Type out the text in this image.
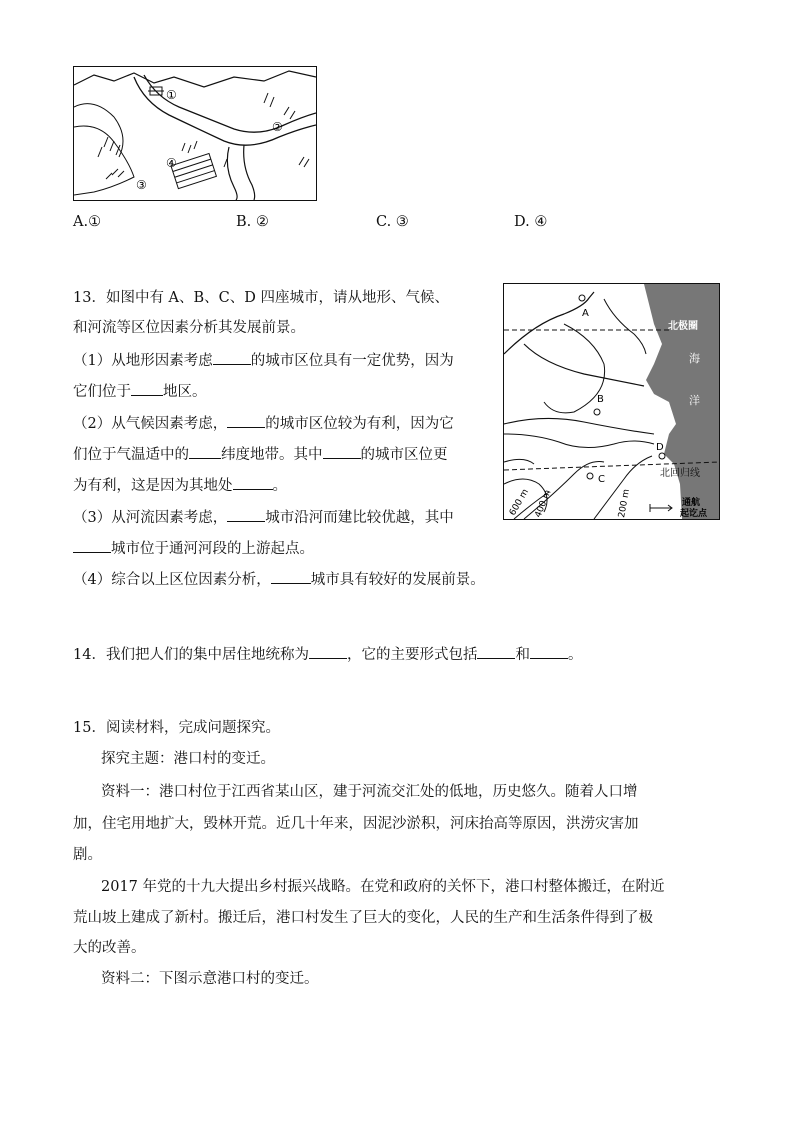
①
②
③
④
A.①	B. ②	C. ③	D. ④
13．如图中有 A、B、C、D 四座城市，请从地形、气候、
和河流等区位因素分析其发展前景。
（1）从地形因素考虑	的城市区位具有一定优势，因为
它们位于 地区。
（2）从气候因素考虑，	的城市区位较为有利，因为它
们位于气温适中的 纬度地带。其中	的城市区位更
为有利，这是因为其地处	。
（3）从河流因素考虑，	城市沿河而建比较优越，其中
城市位于通河河段的上游起点。
（4）综合以上区位因素分析，	城市具有较好的发展前景。
A
B
C
D
北极圈
海
洋
北回归线
600 m 400 m	200 m	通航
起讫点
14．我们把人们的集中居住地统称为	，它的主要形式包括	和	。
15．阅读材料，完成问题探究。
探究主题：港口村的变迁。
资料一：港口村位于江西省某山区，建于河流交汇处的低地，历史悠久。随着人口增
加，住宅用地扩大，毁林开荒。近几十年来，因泥沙淤积，河床抬高等原因，洪涝灾害加
剧。
2017 年党的十九大提出乡村振兴战略。在党和政府的关怀下，港口村整体搬迁，在附近
荒山坡上建成了新村。搬迁后，港口村发生了巨大的变化，人民的生产和生活条件得到了极
大的改善。
资料二：下图示意港口村的变迁。
